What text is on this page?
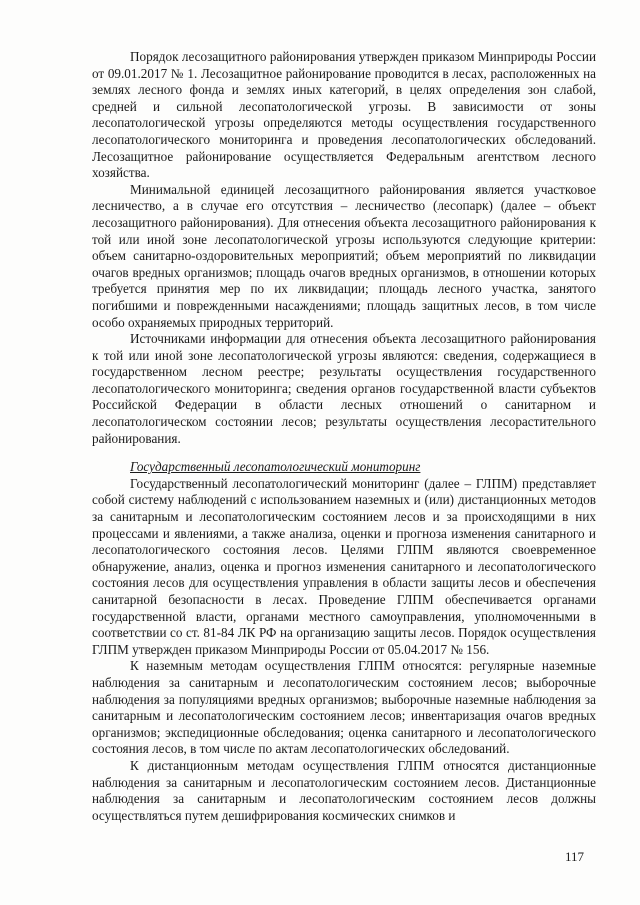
Порядок лесозащитного районирования утвержден приказом Минприроды России от 09.01.2017 № 1. Лесозащитное районирование проводится в лесах, расположенных на землях лесного фонда и землях иных категорий, в целях определения зон слабой, средней и сильной лесопатологической угрозы. В зависимости от зоны лесопатологической угрозы определяются методы осуществления государственного лесопатологического мониторинга и проведения лесопатологических обследований. Лесозащитное районирование осуществляется Федеральным агентством лесного хозяйства.

Минимальной единицей лесозащитного районирования является участковое лесничество, а в случае его отсутствия – лесничество (лесопарк) (далее – объект лесозащитного районирования). Для отнесения объекта лесозащитного районирования к той или иной зоне лесопатологической угрозы используются следующие критерии: объем санитарно-оздоровительных мероприятий; объем мероприятий по ликвидации очагов вредных организмов; площадь очагов вредных организмов, в отношении которых требуется принятия мер по их ликвидации; площадь лесного участка, занятого погибшими и поврежденными насаждениями; площадь защитных лесов, в том числе особо охраняемых природных территорий.

Источниками информации для отнесения объекта лесозащитного районирования к той или иной зоне лесопатологической угрозы являются: сведения, содержащиеся в государственном лесном реестре; результаты осуществления государственного лесопатологического мониторинга; сведения органов государственной власти субъектов Российской Федерации в области лесных отношений о санитарном и лесопатологическом состоянии лесов; результаты осуществления лесорастительного районирования.

Государственный лесопатологический мониторинг

Государственный лесопатологический мониторинг (далее – ГЛПМ) представляет собой систему наблюдений с использованием наземных и (или) дистанционных методов за санитарным и лесопатологическим состоянием лесов и за происходящими в них процессами и явлениями, а также анализа, оценки и прогноза изменения санитарного и лесопатологического состояния лесов. Целями ГЛПМ являются своевременное обнаружение, анализ, оценка и прогноз изменения санитарного и лесопатологического состояния лесов для осуществления управления в области защиты лесов и обеспечения санитарной безопасности в лесах. Проведение ГЛПМ обеспечивается органами государственной власти, органами местного самоуправления, уполномоченными в соответствии со ст. 81-84 ЛК РФ на организацию защиты лесов. Порядок осуществления ГЛПМ утвержден приказом Минприроды России от 05.04.2017 № 156.

К наземным методам осуществления ГЛПМ относятся: регулярные наземные наблюдения за санитарным и лесопатологическим состоянием лесов; выборочные наблюдения за популяциями вредных организмов; выборочные наземные наблюдения за санитарным и лесопатологическим состоянием лесов; инвентаризация очагов вредных организмов; экспедиционные обследования; оценка санитарного и лесопатологического состояния лесов, в том числе по актам лесопатологических обследований.

К дистанционным методам осуществления ГЛПМ относятся дистанционные наблюдения за санитарным и лесопатологическим состоянием лесов. Дистанционные наблюдения за санитарным и лесопатологическим состоянием лесов должны осуществляться путем дешифрирования космических снимков и

117
